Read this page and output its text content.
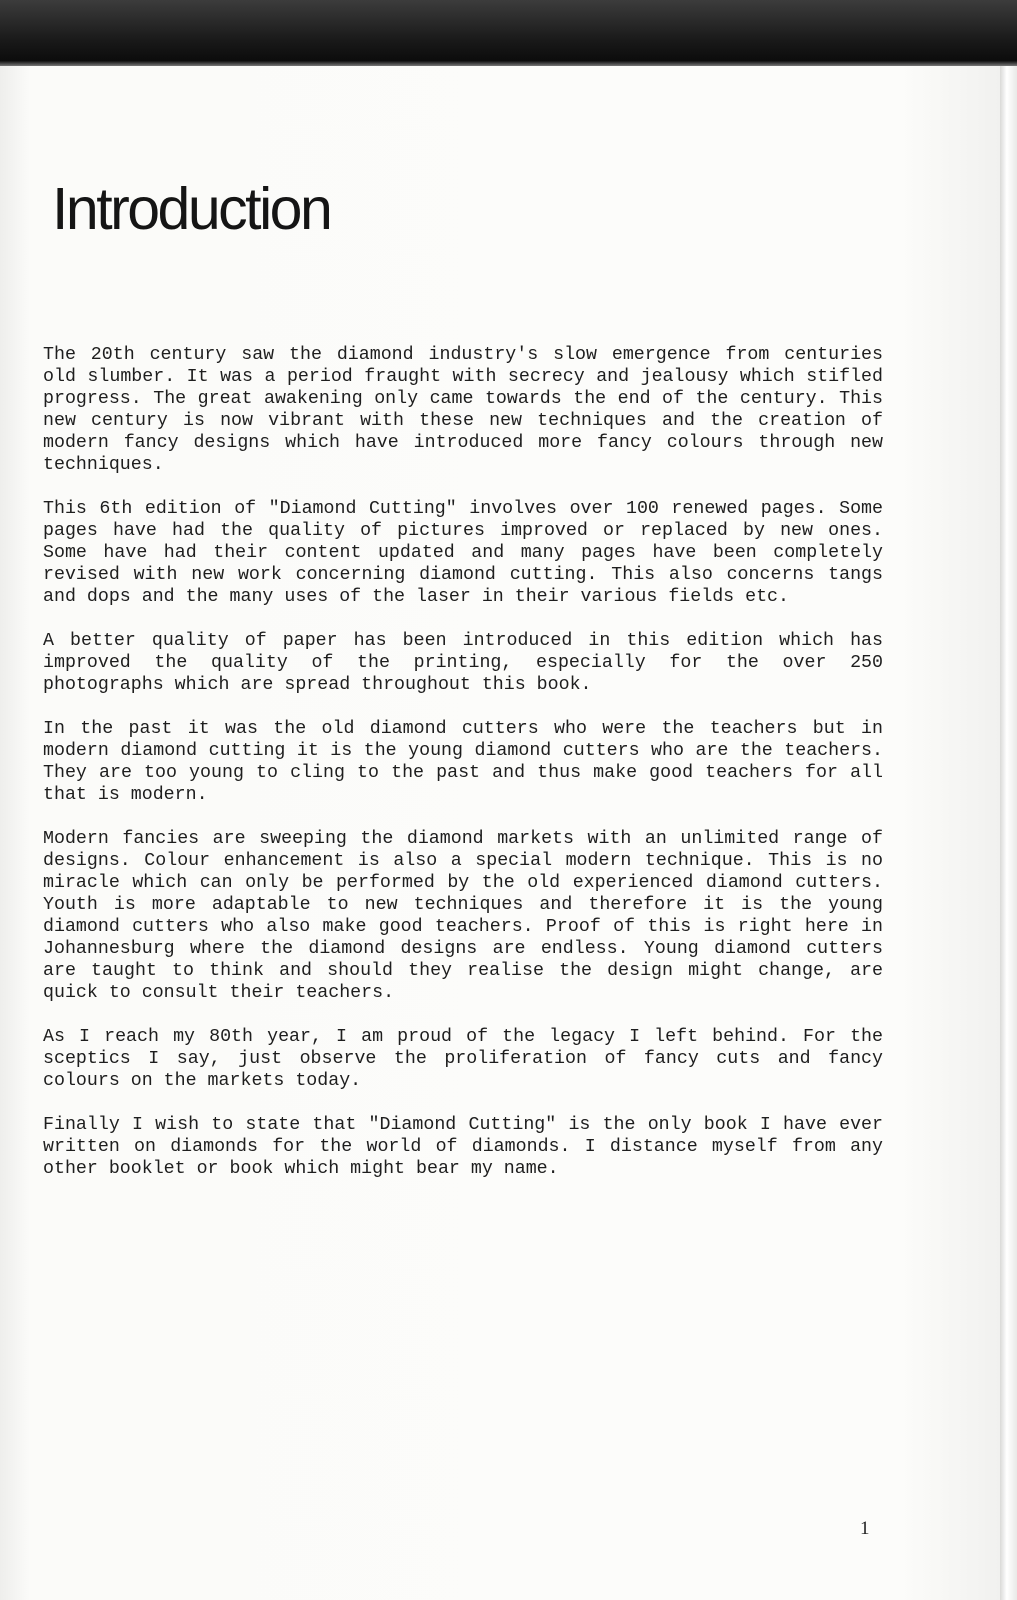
Introduction

The 20th century saw the diamond industry's slow emergence from centuries old slumber. It was a period fraught with secrecy and jealousy which stifled progress. The great awakening only came towards the end of the century. This new century is now vibrant with these new techniques and the creation of modern fancy designs which have introduced more fancy colours through new techniques.

This 6th edition of "Diamond Cutting" involves over 100 renewed pages. Some pages have had the quality of pictures improved or replaced by new ones. Some have had their content updated and many pages have been completely revised with new work concerning diamond cutting. This also concerns tangs and dops and the many uses of the laser in their various fields etc.

A better quality of paper has been introduced in this edition which has improved the quality of the printing, especially for the over 250 photographs which are spread throughout this book.

In the past it was the old diamond cutters who were the teachers but in modern diamond cutting it is the young diamond cutters who are the teachers. They are too young to cling to the past and thus make good teachers for all that is modern.

Modern fancies are sweeping the diamond markets with an unlimited range of designs. Colour enhancement is also a special modern technique. This is no miracle which can only be performed by the old experienced diamond cutters. Youth is more adaptable to new techniques and therefore it is the young diamond cutters who also make good teachers. Proof of this is right here in Johannesburg where the diamond designs are endless. Young diamond cutters are taught to think and should they realise the design might change, are quick to consult their teachers.

As I reach my 80th year, I am proud of the legacy I left behind. For the sceptics I say, just observe the proliferation of fancy cuts and fancy colours on the markets today.

Finally I wish to state that "Diamond Cutting" is the only book I have ever written on diamonds for the world of diamonds. I distance myself from any other booklet or book which might bear my name.

1
